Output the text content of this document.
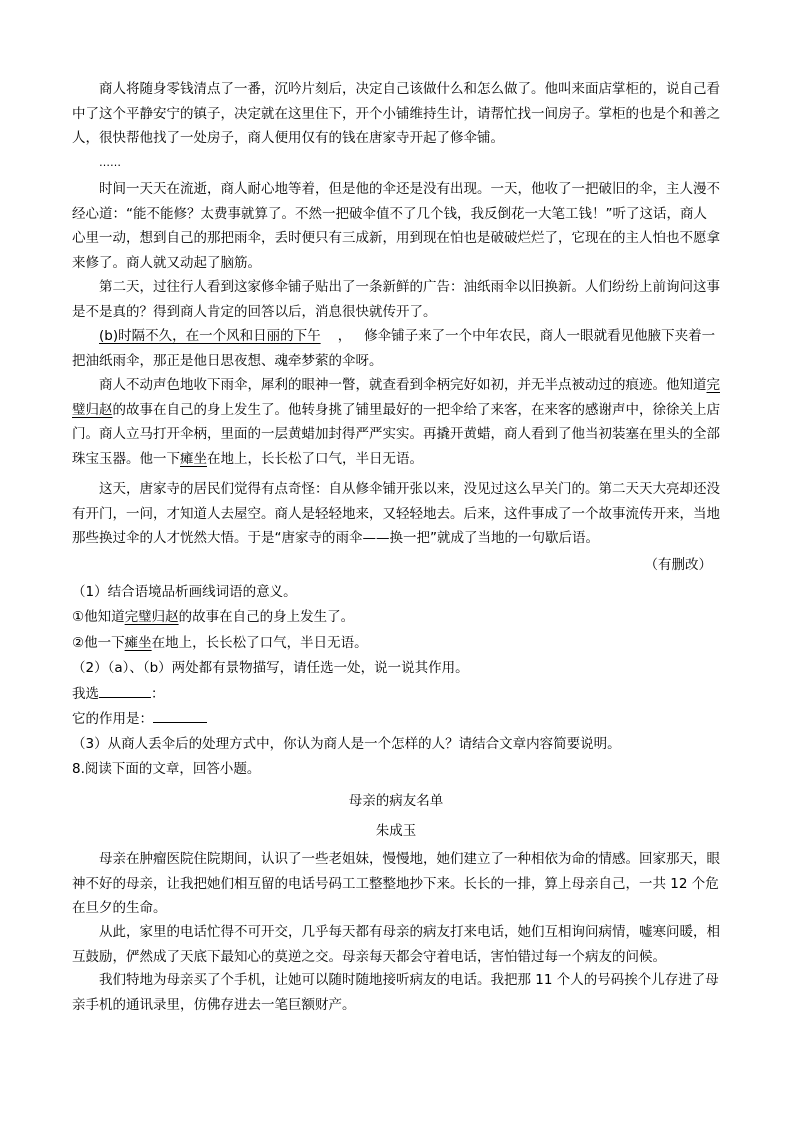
商人将随身零钱清点了一番，沉吟片刻后，决定自己该做什么和怎么做了。他叫来面店掌柜的，说自己看中了这个平静安宁的镇子，决定就在这里住下，开个小铺维持生计，请帮忙找一间房子。掌柜的也是个和善之人，很快帮他找了一处房子，商人便用仅有的钱在唐家寺开起了修伞铺。

……

时间一天天在流逝，商人耐心地等着，但是他的伞还是没有出现。一天，他收了一把破旧的伞，主人漫不经心道：“能不能修？太费事就算了。不然一把破伞值不了几个钱，我反倒花一大笔工钱！”听了这话，商人心里一动，想到自己的那把雨伞，丢时便只有三成新，用到现在怕也是破破烂烂了，它现在的主人怕也不愿拿来修了。商人就又动起了脑筋。

第二天，过往行人看到这家修伞铺子贴出了一条新鲜的广告：油纸雨伞以旧换新。人们纷纷上前询问这事是不是真的？得到商人肯定的回答以后，消息很快就传开了。

(b)时隔不久，在一个风和日丽的下午 ， 修伞铺子来了一个中年农民，商人一眼就看见他腋下夹着一把油纸雨伞，那正是他日思夜想、魂牵梦萦的伞呀。

商人不动声色地收下雨伞，犀利的眼神一瞥，就查看到伞柄完好如初，并无半点被动过的痕迹。他知道完璧归赵的故事在自己的身上发生了。他转身挑了铺里最好的一把伞给了来客，在来客的感谢声中，徐徐关上店门。商人立马打开伞柄，里面的一层黄蜡加封得严严实实。再撬开黄蜡，商人看到了他当初装塞在里头的全部珠宝玉器。他一下瘫坐在地上，长长松了口气，半日无语。

这天，唐家寺的居民们觉得有点奇怪：自从修伞铺开张以来，没见过这么早关门的。第二天天大亮却还没有开门，一问，才知道人去屋空。商人是轻轻地来，又轻轻地去。后来，这件事成了一个故事流传开来，当地那些换过伞的人才恍然大悟。于是“唐家寺的雨伞——换一把”就成了当地的一句歇后语。

（有删改）

（1）结合语境品析画线词语的意义。

①他知道完璧归赵的故事在自己的身上发生了。

②他一下瘫坐在地上，长长松了口气，半日无语。

（2）（a）、（b）两处都有景物描写，请任选一处，说一说其作用。

我选	：

它的作用是：

（3）从商人丢伞后的处理方式中，你认为商人是一个怎样的人？请结合文章内容简要说明。

8.阅读下面的文章，回答小题。

母亲的病友名单

朱成玉

母亲在肿瘤医院住院期间，认识了一些老姐妹，慢慢地，她们建立了一种相依为命的情感。回家那天，眼神不好的母亲，让我把她们相互留的电话号码工工整整地抄下来。长长的一排，算上母亲自己，一共 12 个危在旦夕的生命。

从此，家里的电话忙得不可开交，几乎每天都有母亲的病友打来电话，她们互相询问病情，嘘寒问暖，相互鼓励，俨然成了天底下最知心的莫逆之交。母亲每天都会守着电话，害怕错过每一个病友的问候。

我们特地为母亲买了个手机，让她可以随时随地接听病友的电话。我把那 11 个人的号码挨个儿存进了母亲手机的通讯录里，仿佛存进去一笔巨额财产。
